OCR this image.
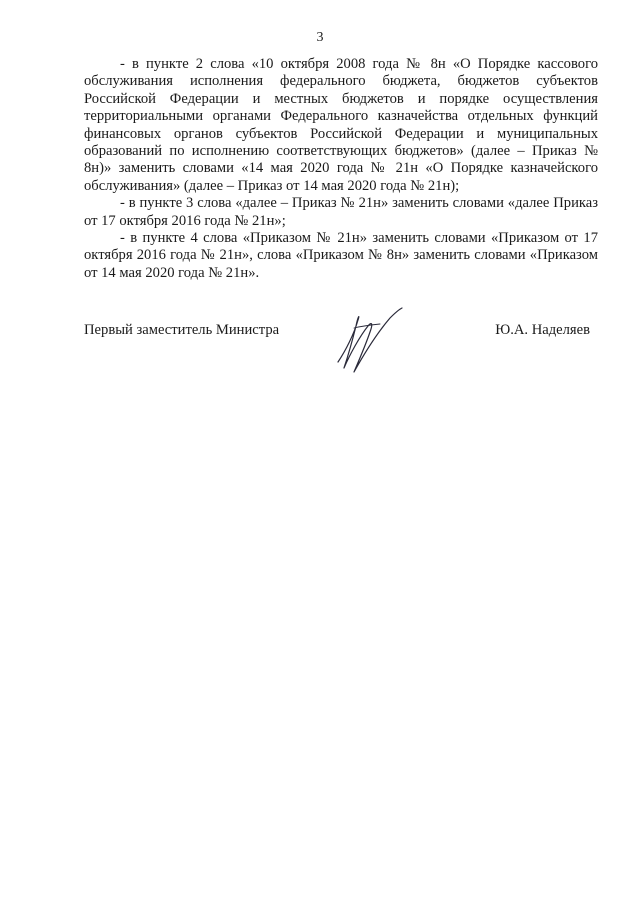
3

- в пункте 2 слова «10 октября 2008 года № 8н «О Порядке кассового обслуживания исполнения федерального бюджета, бюджетов субъектов Российской Федерации и местных бюджетов и порядке осуществления территориальными органами Федерального казначейства отдельных функций финансовых органов субъектов Российской Федерации и муниципальных образований по исполнению соответствующих бюджетов» (далее – Приказ № 8н)» заменить словами «14 мая 2020 года № 21н «О Порядке казначейского обслуживания» (далее – Приказ от 14 мая 2020 года № 21н);

- в пункте 3 слова «далее – Приказ № 21н» заменить словами «далее Приказ от 17 октября 2016 года № 21н»;

- в пункте 4 слова «Приказом № 21н» заменить словами «Приказом от 17 октября 2016 года № 21н», слова «Приказом № 8н» заменить словами «Приказом от 14 мая 2020 года № 21н».

Первый заместитель Министра	Ю.А. Наделяев
